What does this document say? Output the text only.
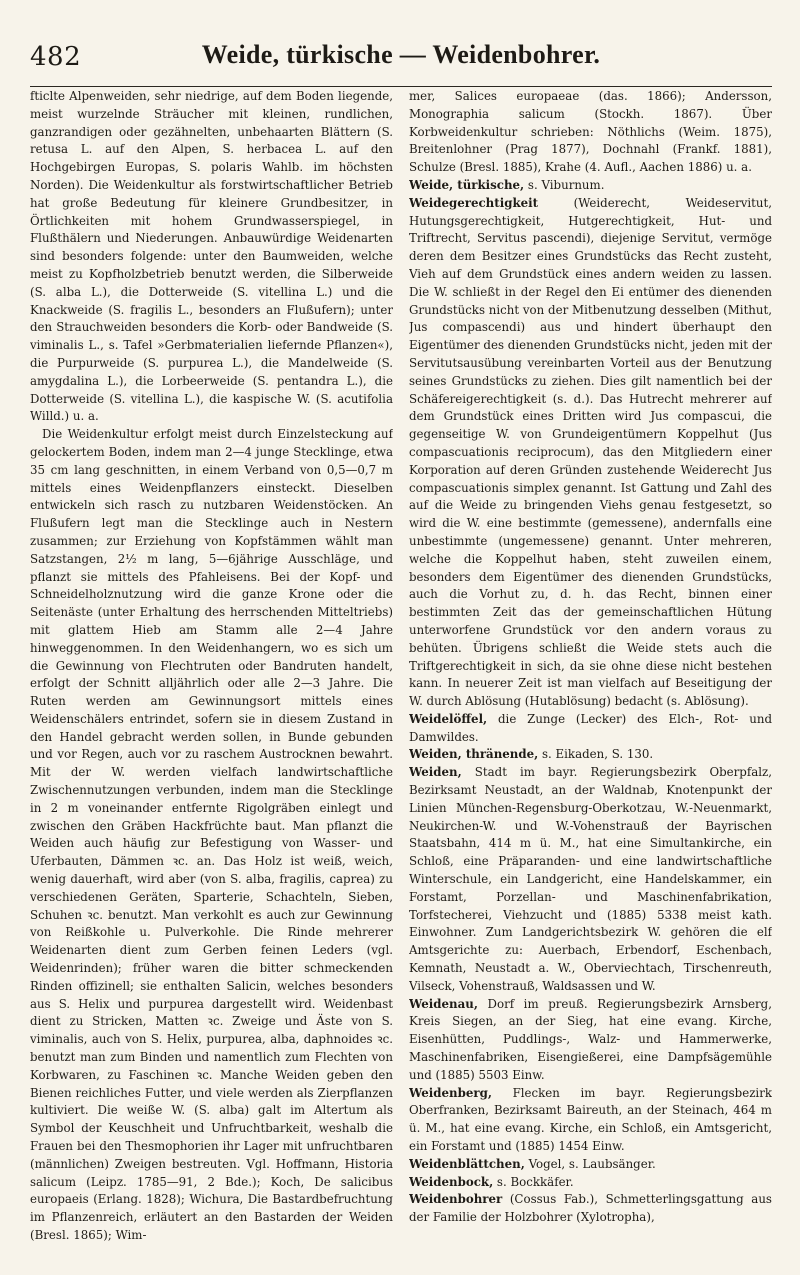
482	Weide, türkische — Weidenbohrer.

fticlte Alpenweiden, sehr niedrige, auf dem Boden liegende, meist wurzelnde Sträucher mit kleinen, rundlichen, ganzrandigen oder gezähnelten, unbehaarten Blättern (S. retusa L. auf den Alpen, S. herbacea L. auf den Hochgebirgen Europas, S. polaris Wahlb. im höchsten Norden). Die Weidenkultur als forstwirtschaftlicher Betrieb hat große Bedeutung für kleinere Grundbesitzer, in Örtlichkeiten mit hohem Grundwasserspiegel, in Flußthälern und Niederungen. Anbauwürdige Weidenarten sind besonders folgende: unter den Baumweiden, welche meist zu Kopfholzbetrieb benutzt werden, die Silberweide (S. alba L.), die Dotterweide (S. vitellina L.) und die Knackweide (S. fragilis L., besonders an Flußufern); unter den Strauchweiden besonders die Korb- oder Bandweide (S. viminalis L., s. Tafel »Gerbmaterialien liefernde Pflanzen«), die Purpurweide (S. purpurea L.), die Mandelweide (S. amygdalina L.), die Lorbeerweide (S. pentandra L.), die Dotterweide (S. vitellina L.), die kaspische W. (S. acutifolia Willd.) u. a.

Die Weidenkultur erfolgt meist durch Einzelsteckung auf gelockertem Boden, indem man 2—4 junge Stecklinge, etwa 35 cm lang geschnitten, in einem Verband von 0,5—0,7 m mittels eines Weidenpflanzers einsteckt. Dieselben entwickeln sich rasch zu nutzbaren Weidenstöcken. An Flußufern legt man die Stecklinge auch in Nestern zusammen; zur Erziehung von Kopfstämmen wählt man Satzstangen, 2½ m lang, 5—6jährige Ausschläge, und pflanzt sie mittels des Pfahleisens. Bei der Kopf- und Schneidelholznutzung wird die ganze Krone oder die Seitenäste (unter Erhaltung des herrschenden Mitteltriebs) mit glattem Hieb am Stamm alle 2—4 Jahre hinweggenommen. In den Weidenhangern, wo es sich um die Gewinnung von Flechtruten oder Bandruten handelt, erfolgt der Schnitt alljährlich oder alle 2—3 Jahre. Die Ruten werden am Gewinnungsort mittels eines Weidenschälers entrindet, sofern sie in diesem Zustand in den Handel gebracht werden sollen, in Bunde gebunden und vor Regen, auch vor zu raschem Austrocknen bewahrt. Mit der W. werden vielfach landwirtschaftliche Zwischennutzungen verbunden, indem man die Stecklinge in 2 m voneinander entfernte Rigolgräben einlegt und zwischen den Gräben Hackfrüchte baut. Man pflanzt die Weiden auch häufig zur Befestigung von Wasser- und Uferbauten, Dämmen ꝛc. an. Das Holz ist weiß, weich, wenig dauerhaft, wird aber (von S. alba, fragilis, caprea) zu verschiedenen Geräten, Sparterie, Schachteln, Sieben, Schuhen ꝛc. benutzt. Man verkohlt es auch zur Gewinnung von Reißkohle u. Pulverkohle. Die Rinde mehrerer Weidenarten dient zum Gerben feinen Leders (vgl. Weidenrinden); früher waren die bitter schmeckenden Rinden offizinell; sie enthalten Salicin, welches besonders aus S. Helix und purpurea dargestellt wird. Weidenbast dient zu Stricken, Matten ꝛc. Zweige und Äste von S. viminalis, auch von S. Helix, purpurea, alba, daphnoides ꝛc. benutzt man zum Binden und namentlich zum Flechten von Korbwaren, zu Faschinen ꝛc. Manche Weiden geben den Bienen reichliches Futter, und viele werden als Zierpflanzen kultiviert. Die weiße W. (S. alba) galt im Altertum als Symbol der Keuschheit und Unfruchtbarkeit, weshalb die Frauen bei den Thesmophorien ihr Lager mit unfruchtbaren (männlichen) Zweigen bestreuten. Vgl. Hoffmann, Historia salicum (Leipz. 1785—91, 2 Bde.); Koch, De salicibus europaeis (Erlang. 1828); Wichura, Die Bastardbefruchtung im Pflanzenreich, erläutert an den Bastarden der Weiden (Bresl. 1865); Wim-

mer, Salices europaeae (das. 1866); Andersson, Monographia salicum (Stockh. 1867). Über Korbweidenkultur schrieben: Nöthlichs (Weim. 1875), Breitenlohner (Prag 1877), Dochnahl (Frankf. 1881), Schulze (Bresl. 1885), Krahe (4. Aufl., Aachen 1886) u. a.

Weide, türkische, s. Viburnum.

Weidegerechtigkeit (Weiderecht, Weideservitut, Hutungsgerechtigkeit, Hutgerechtigkeit, Hut- und Triftrecht, Servitus pascendi), diejenige Servitut, vermöge deren dem Besitzer eines Grundstücks das Recht zusteht, Vieh auf dem Grundstück eines andern weiden zu lassen. Die W. schließt in der Regel den Ei entümer des dienenden Grundstücks nicht von der Mitbenutzung desselben (Mithut, Jus compascendi) aus und hindert überhaupt den Eigentümer des dienenden Grundstücks nicht, jeden mit der Servitutsausübung vereinbarten Vorteil aus der Benutzung seines Grundstücks zu ziehen. Dies gilt namentlich bei der Schäfereigerechtigkeit (s. d.). Das Hutrecht mehrerer auf dem Grundstück eines Dritten wird Jus compascui, die gegenseitige W. von Grundeigentümern Koppelhut (Jus compascuationis reciprocum), das den Mitgliedern einer Korporation auf deren Gründen zustehende Weiderecht Jus compascuationis simplex genannt. Ist Gattung und Zahl des auf die Weide zu bringenden Viehs genau festgesetzt, so wird die W. eine bestimmte (gemessene), andernfalls eine unbestimmte (ungemessene) genannt. Unter mehreren, welche die Koppelhut haben, steht zuweilen einem, besonders dem Eigentümer des dienenden Grundstücks, auch die Vorhut zu, d. h. das Recht, binnen einer bestimmten Zeit das der gemeinschaftlichen Hütung unterworfene Grundstück vor den andern voraus zu behüten. Übrigens schließt die Weide stets auch die Triftgerechtigkeit in sich, da sie ohne diese nicht bestehen kann. In neuerer Zeit ist man vielfach auf Beseitigung der W. durch Ablösung (Hutablösung) bedacht (s. Ablösung).

Weidelöffel, die Zunge (Lecker) des Elch-, Rot- und Damwildes.

Weiden, thränende, s. Eikaden, S. 130.

Weiden, Stadt im bayr. Regierungsbezirk Oberpfalz, Bezirksamt Neustadt, an der Waldnab, Knotenpunkt der Linien München-Regensburg-Oberkotzau, W.-Neuenmarkt, Neukirchen-W. und W.-Vohenstrauß der Bayrischen Staatsbahn, 414 m ü. M., hat eine Simultankirche, ein Schloß, eine Präparanden- und eine landwirtschaftliche Winterschule, ein Landgericht, eine Handelskammer, ein Forstamt, Porzellan- und Maschinenfabrikation, Torfstecherei, Viehzucht und (1885) 5338 meist kath. Einwohner. Zum Landgerichtsbezirk W. gehören die elf Amtsgerichte zu: Auerbach, Erbendorf, Eschenbach, Kemnath, Neustadt a. W., Oberviechtach, Tirschenreuth, Vilseck, Vohenstrauß, Waldsassen und W.

Weidenau, Dorf im preuß. Regierungsbezirk Arnsberg, Kreis Siegen, an der Sieg, hat eine evang. Kirche, Eisenhütten, Puddlings-, Walz- und Hammerwerke, Maschinenfabriken, Eisengießerei, eine Dampfsägemühle und (1885) 5503 Einw.

Weidenberg, Flecken im bayr. Regierungsbezirk Oberfranken, Bezirksamt Baireuth, an der Steinach, 464 m ü. M., hat eine evang. Kirche, ein Schloß, ein Amtsgericht, ein Forstamt und (1885) 1454 Einw.

Weidenblättchen, Vogel, s. Laubsänger.

Weidenbock, s. Bockkäfer.

Weidenbohrer (Cossus Fab.), Schmetterlingsgattung aus der Familie der Holzbohrer (Xylotropha),
